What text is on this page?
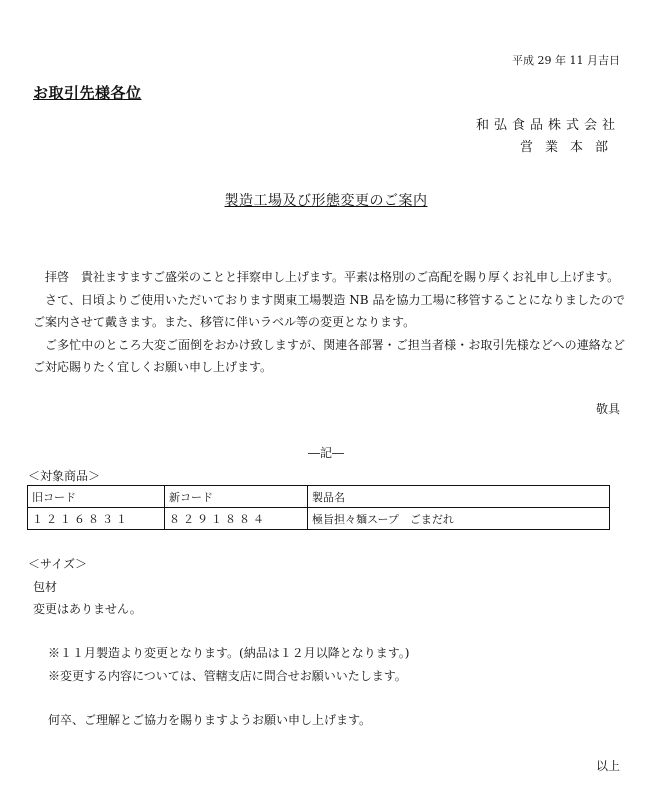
平成 29 年 11 月吉日
お取引先様各位
和弘食品株式会社
営業本部
製造工場及び形態変更のご案内

拝啓　貴社ますますご盛栄のことと拝察申し上げます。平素は格別のご高配を賜り厚くお礼申し上げます。

さて、日頃よりご使用いただいております関東工場製造 NB 品を協力工場に移管することになりましたのでご案内させて戴きます。また、移管に伴いラベル等の変更となります。

ご多忙中のところ大変ご面倒をおかけ致しますが、関連各部署・ご担当者様・お取引先様などへの連絡などご対応賜りたく宜しくお願い申し上げます。

敬具
―記―
＜対象商品＞
旧コード	新コード	製品名
１２１６８３１	８２９１８８４	極旨担々麺スープ　ごまだれ
＜サイズ＞
包材
変更はありません。
※１１月製造より変更となります。(納品は１２月以降となります。)
※変更する内容については、管轄支店に問合せお願いいたします。
何卒、ご理解とご協力を賜りますようお願い申し上げます。
以上
